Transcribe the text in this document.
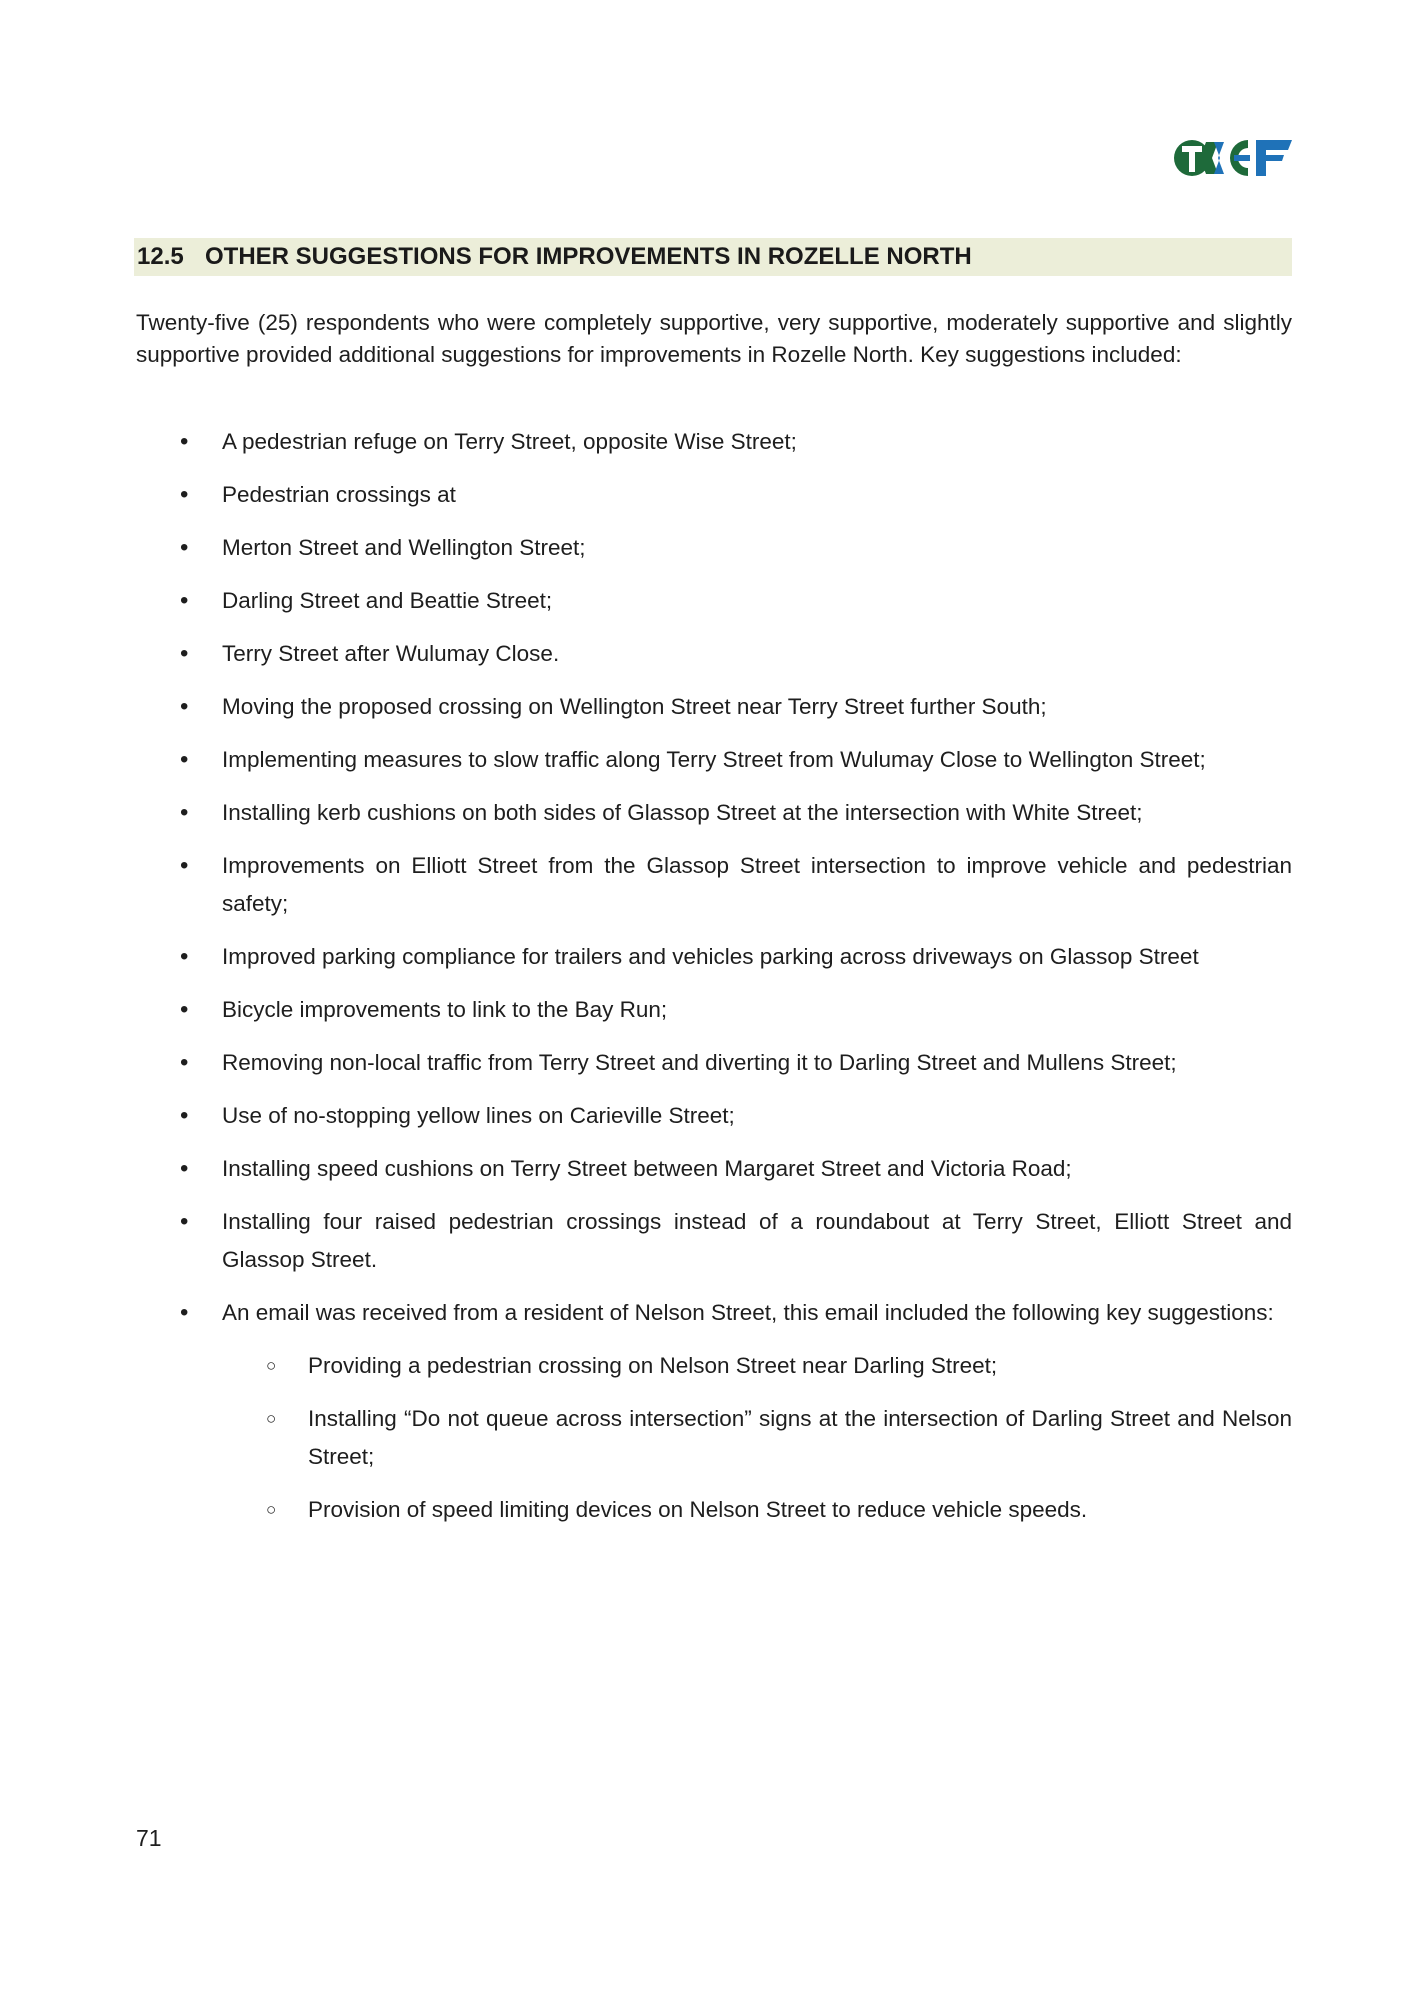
12.5 OTHER SUGGESTIONS FOR IMPROVEMENTS IN ROZELLE NORTH

Twenty-five (25) respondents who were completely supportive, very supportive, moderately supportive and slightly supportive provided additional suggestions for improvements in Rozelle North. Key suggestions included:

• A pedestrian refuge on Terry Street, opposite Wise Street;
• Pedestrian crossings at
• Merton Street and Wellington Street;
• Darling Street and Beattie Street;
• Terry Street after Wulumay Close.
• Moving the proposed crossing on Wellington Street near Terry Street further South;
• Implementing measures to slow traffic along Terry Street from Wulumay Close to Wellington Street;
• Installing kerb cushions on both sides of Glassop Street at the intersection with White Street;
• Improvements on Elliott Street from the Glassop Street intersection to improve vehicle and pedestrian safety;
• Improved parking compliance for trailers and vehicles parking across driveways on Glassop Street
• Bicycle improvements to link to the Bay Run;
• Removing non-local traffic from Terry Street and diverting it to Darling Street and Mullens Street;
• Use of no-stopping yellow lines on Carieville Street;
• Installing speed cushions on Terry Street between Margaret Street and Victoria Road;
• Installing four raised pedestrian crossings instead of a roundabout at Terry Street, Elliott Street and Glassop Street.
• An email was received from a resident of Nelson Street, this email included the following key suggestions:
○ Providing a pedestrian crossing on Nelson Street near Darling Street;
○ Installing “Do not queue across intersection” signs at the intersection of Darling Street and Nelson Street;
○ Provision of speed limiting devices on Nelson Street to reduce vehicle speeds.
71
